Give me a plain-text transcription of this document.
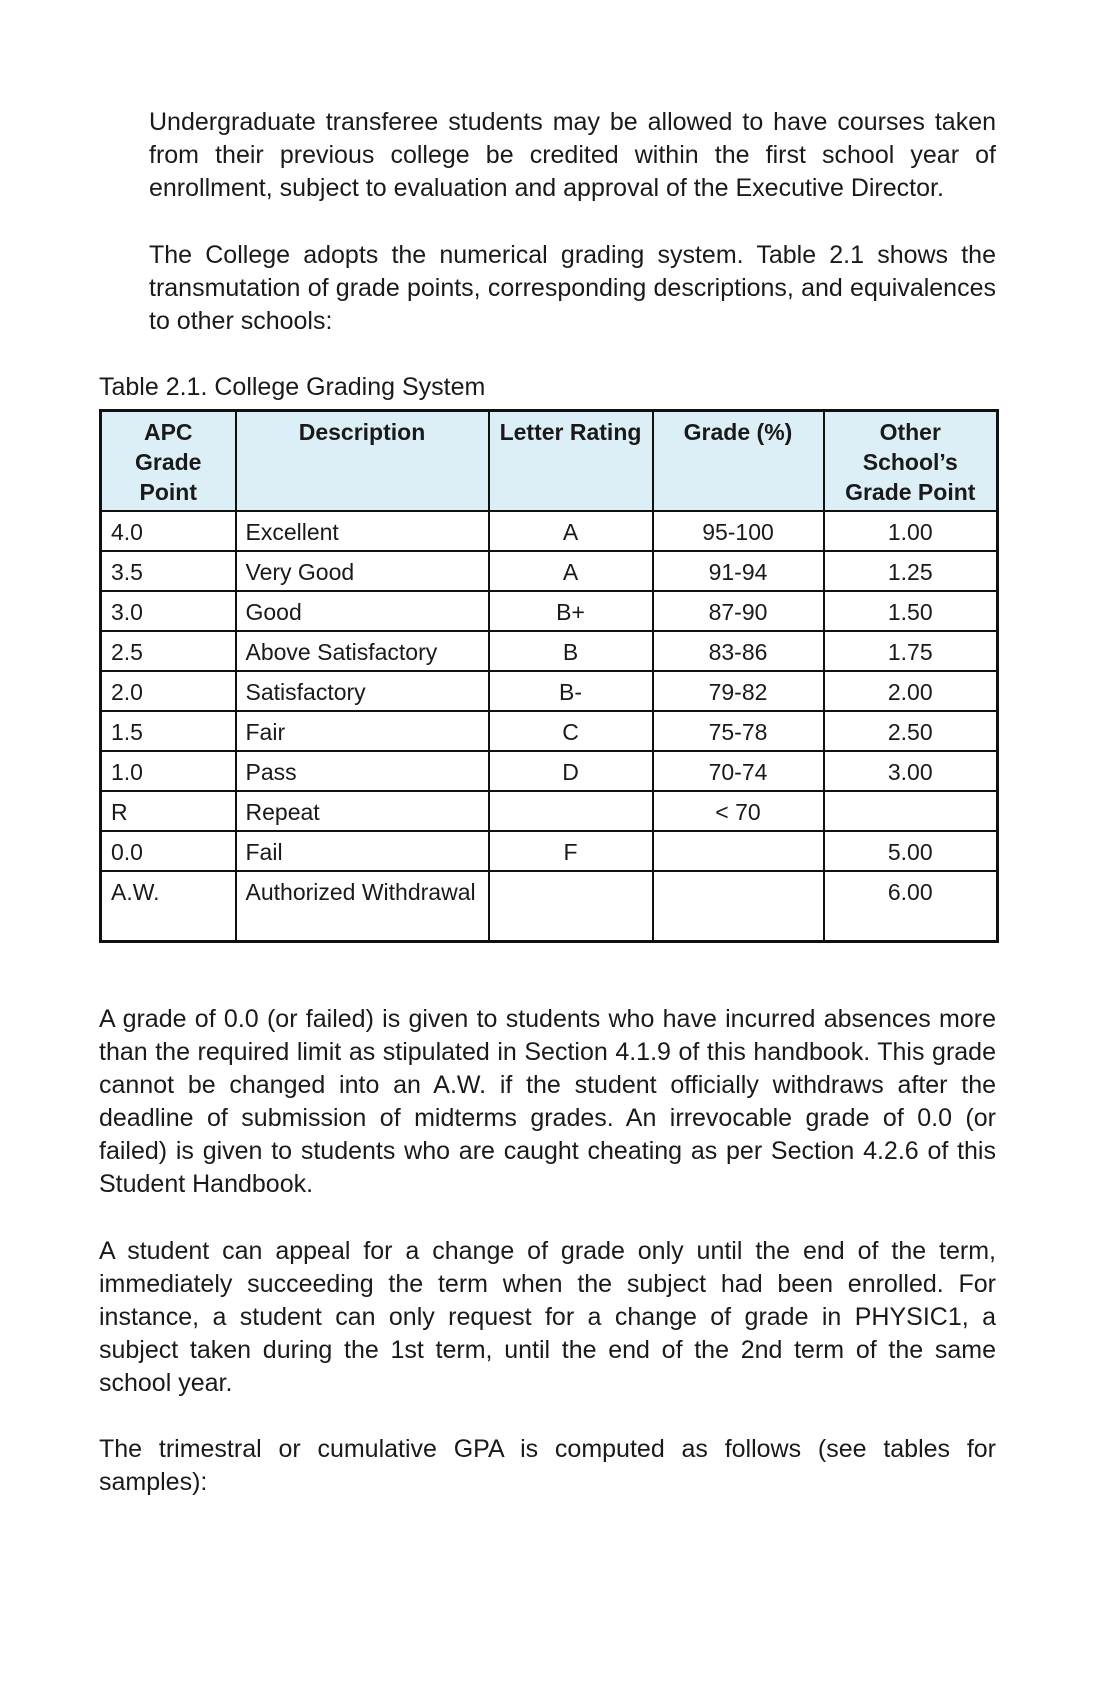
Undergraduate transferee students may be allowed to have courses taken from their previous college be credited within the first school year of enrollment, subject to evaluation and approval of the Executive Director.

The College adopts the numerical grading system. Table 2.1 shows the transmutation of grade points, corresponding descriptions, and equivalences to other schools:

Table 2.1. College Grading System

APC Grade Point	Description	Letter Rating	Grade (%)	Other School’s Grade Point
4.0	Excellent	A	95-100	1.00
3.5	Very Good	A	91-94	1.25
3.0	Good	B+	87-90	1.50
2.5	Above Satisfactory	B	83-86	1.75
2.0	Satisfactory	B-	79-82	2.00
1.5	Fair	C	75-78	2.50
1.0	Pass	D	70-74	3.00
R	Repeat		< 70	
0.0	Fail	F		5.00
A.W.	Authorized Withdrawal			6.00

A grade of 0.0 (or failed) is given to students who have incurred absences more than the required limit as stipulated in Section 4.1.9 of this handbook. This grade cannot be changed into an A.W. if the student officially withdraws after the deadline of submission of midterms grades. An irrevocable grade of 0.0 (or failed) is given to students who are caught cheating as per Section 4.2.6 of this Student Handbook.

A student can appeal for a change of grade only until the end of the term, immediately succeeding the term when the subject had been enrolled. For instance, a student can only request for a change of grade in PHYSIC1, a subject taken during the 1st term, until the end of the 2nd term of the same school year.

The trimestral or cumulative GPA is computed as follows (see tables for samples):
